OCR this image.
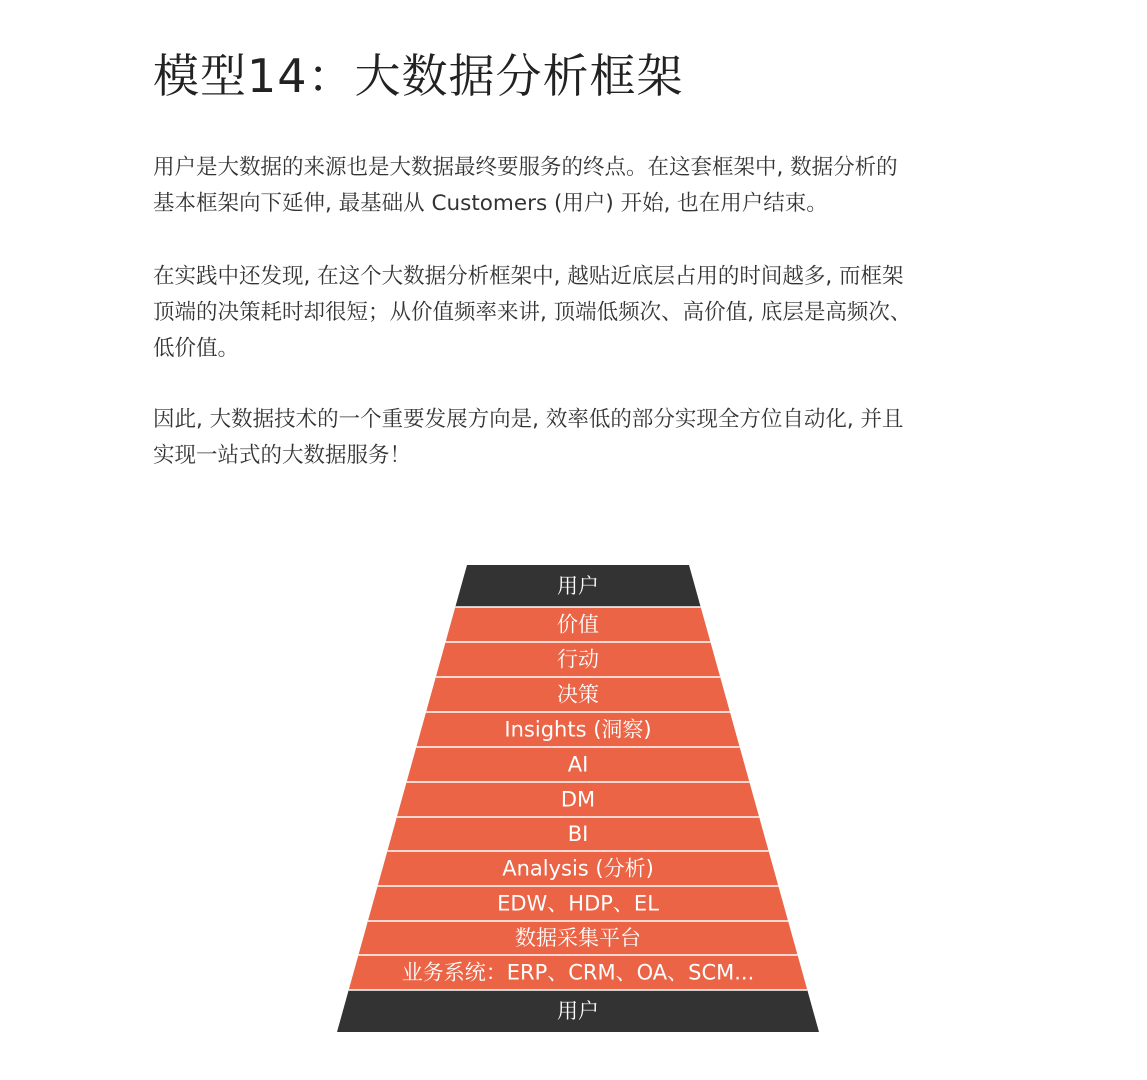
模型14：大数据分析框架
用户是大数据的来源也是大数据最终要服务的终点。在这套框架中, 数据分析的
基本框架向下延伸, 最基础从 Customers (用户) 开始, 也在用户结束。
在实践中还发现, 在这个大数据分析框架中, 越贴近底层占用的时间越多, 而框架
顶端的决策耗时却很短；从价值频率来讲, 顶端低频次、高价值, 底层是高频次、
低价值。
因此, 大数据技术的一个重要发展方向是, 效率低的部分实现全方位自动化, 并且
实现一站式的大数据服务！
用户
价值
行动
决策
Insights (洞察)
AI
DM
BI
Analysis (分析)
EDW、HDP、EL
数据采集平台
业务系统：ERP、CRM、OA、SCM...
用户
